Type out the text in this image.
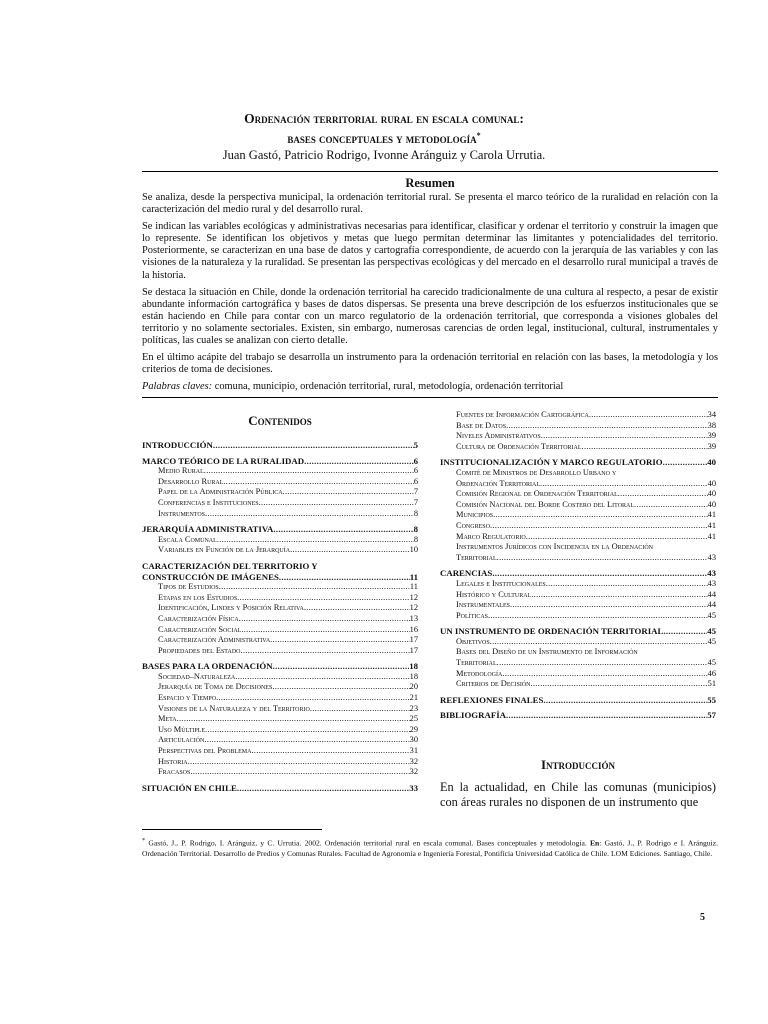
Ordenación territorial rural en escala comunal:
bases conceptuales y metodología*
Juan Gastó, Patricio Rodrigo, Ivonne Aránguiz y Carola Urrutia.
Resumen

Se analiza, desde la perspectiva municipal, la ordenación territorial rural. Se presenta el marco teórico de la ruralidad en relación con la caracterización del medio rural y del desarrollo rural.

Se indican las variables ecológicas y administrativas necesarias para identificar, clasificar y ordenar el territorio y construir la imagen que lo represente. Se identifican los objetivos y metas que luego permitan determinar las limitantes y potencialidades del territorio. Posteriormente, se caracterizan en una base de datos y cartografía correspondiente, de acuerdo con la jerarquía de las variables y con las visiones de la naturaleza y la ruralidad. Se presentan las perspectivas ecológicas y del mercado en el desarrollo rural municipal a través de la historia.

Se destaca la situación en Chile, donde la ordenación territorial ha carecido tradicionalmente de una cultura al respecto, a pesar de existir abundante información cartográfica y bases de datos dispersas. Se presenta una breve descripción de los esfuerzos institucionales que se están haciendo en Chile para contar con un marco regulatorio de la ordenación territorial, que corresponda a visiones globales del territorio y no solamente sectoriales. Existen, sin embargo, numerosas carencias de orden legal, institucional, cultural, instrumentales y políticas, las cuales se analizan con cierto detalle.

En el último acápite del trabajo se desarrolla un instrumento para la ordenación territorial en relación con las bases, la metodología y los criterios de toma de decisiones.

Palabras claves: comuna, municipio, ordenación territorial, rural, metodología, ordenación territorial

Contenidos
INTRODUCCIÓN .....	5
MARCO TEÓRICO DE LA RURALIDAD .....	6
Medio Rural .....	6
Desarrollo Rural .....	6
Papel de la Administración Pública .....	7
Conferencias e Instituciones .....	7
Instrumentos .....	8
JERARQUÍA ADMINISTRATIVA .....	8
Escala Comunal .....	8
Variables en Función de la Jerarquía .....	10
CARACTERIZACIÓN DEL TERRITORIO Y
CONSTRUCCIÓN DE IMÁGENES .....	11
Tipos de Estudios .....	11
Etapas en los Estudios .....	12
Identificación, Lindes y Posición Relativa .....	12
Caracterización Física .....	13
Caracterización Social .....	16
Caracterización Administrativa .....	17
Propiedades del Estado .....	17
BASES PARA LA ORDENACIÓN .....	18
Sociedad–Naturaleza .....	18
Jerarquía de Toma de Decisiones .....	20
Espacio y Tiempo .....	21
Visiones de la Naturaleza y del Territorio .....	23
Meta .....	25
Uso Múltiple .....	29
Articulación .....	30
Perspectivas del Problema .....	31
Historia .....	32
Fracasos .....	32
SITUACIÓN EN CHILE .....	33
Fuentes de Información Cartográfica .....	34
Base de Datos .....	38
Niveles Administrativos .....	39
Cultura de Ordenación Territorial .....	39
INSTITUCIONALIZACIÓN Y MARCO REGULATORIO .....	40
Comité de Ministros de Desarrollo Urbano y
Ordenación Territorial .....	40
Comisión Regional de Ordenación Territorial .....	40
Comisión Nacional del Borde Costero del Litoral .....	40
Municipios .....	41
Congreso .....	41
Marco Regulatorio .....	41
Instrumentos Jurídicos con Incidencia en la Ordenación
Territorial .....	43
CARENCIAS .....	43
Legales e Institucionales .....	43
Histórico y Cultural .....	44
Instrumentales .....	44
Políticas .....	45
UN INSTRUMENTO DE ORDENACIÓN TERRITORIAL .....	45
Objetivos .....	45
Bases del Diseño de un Instrumento de Información
Territorial .....	45
Metodología .....	46
Criterios de Decisión .....	51
REFLEXIONES FINALES .....	55
BIBLIOGRAFÍA .....	57
Introducción
En la actualidad, en Chile las comunas (municipios) con áreas rurales no disponen de un instrumento que
* Gastó, J., P. Rodrigo, I. Aránguiz, y C. Urrutia. 2002. Ordenación territorial rural en escala comunal. Bases conceptuales y metodología. En: Gastó, J., P. Rodrigo e I. Aránguiz. Ordenación Territorial. Desarrollo de Predios y Comunas Rurales. Facultad de Agronomía e Ingeniería Forestal, Pontificia Universidad Católica de Chile. LOM Ediciones. Santiago, Chile.
5
